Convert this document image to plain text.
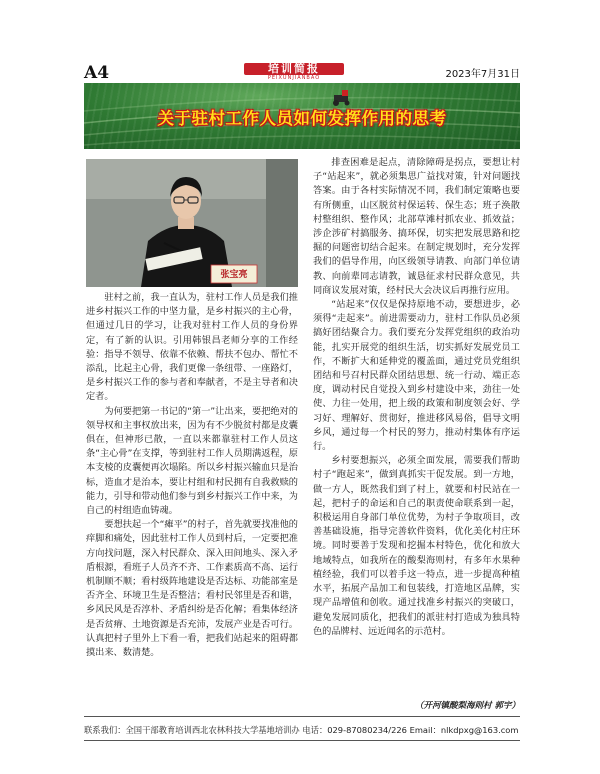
A4	培训简报
PEIXUNJIANBAO	2023年7月31日
关于驻村工作人员如何发挥作用的思考
张宝亮

驻村之前，我一直认为，驻村工作人员是我们推进乡村振兴工作的中坚力量，是乡村振兴的主心骨，但通过几日的学习，让我对驻村工作人员的身份界定，有了新的认识。引用韩银昌老师分享的工作经验：指导不领导、依靠不依赖、帮扶不包办、帮忙不添乱，比起主心骨，我们更像一条纽带、一座路灯，是乡村振兴工作的参与者和奉献者，不是主导者和决定者。

为何要把第一书记的“第一”让出来，要把绝对的领导权和主事权放出来，因为有不少脱贫村都是皮囊俱在，但神形已散，一直以来都靠驻村工作人员这条“主心骨”在支撑，等到驻村工作人员期满返程，原本支棱的皮囊便再次塌陷。所以乡村振兴输血只是治标，造血才是治本，要让村组和村民拥有自我救赎的能力，引导和带动他们参与到乡村振兴工作中来，为自己的村组造血铸魂。

要想扶起一个“瘫平”的村子，首先就要找准他的痒脚和痛处，因此驻村工作人员到村后，一定要把准方向找问题，深入村民群众、深入田间地头、深入矛盾根源，看班子人员齐不齐、工作素质高不高、运行机制顺不顺；看村级阵地建设是否达标、功能部室是否齐全、环境卫生是否整洁；看村民邻里是否和谐，乡风民风是否淳朴、矛盾纠纷是否化解；看集体经济是否贫瘠、土地资源是否充沛，发展产业是否可行。认真把村子里外上下看一看，把我们站起来的阻碍都摸出来、数清楚。

排查困难是起点，清除障碍是拐点，要想让村子“站起来”，就必须集思广益找对策，针对问题找答案。由于各村实际情况不同，我们制定策略也要有所侧重，山区脱贫村保运转、保生态；班子涣散村整组织、整作风；北部草滩村抓农业、抓效益；涉企涉矿村搞服务、搞环保，切实把发展思路和挖掘的问题密切结合起来。在制定规划时，充分发挥我们的倡导作用，向区级领导请教、向部门单位请教、向前辈同志请教，诚恳征求村民群众意见，共同商议发展对策，经村民大会决议后再推行应用。

“站起来”仅仅是保持原地不动，要想进步，必须得“走起来”。前进需要动力，驻村工作队员必须搞好团结聚合力。我们要充分发挥党组织的政治功能，扎实开展党的组织生活，切实抓好发展党员工作，不断扩大和延伸党的覆盖面，通过党员党组织团结和号召村民群众团结思想、统一行动、端正态度，调动村民自觉投入到乡村建设中来，劲往一处使、力往一处用，把上级的政策和制度领会好、学习好、理解好、贯彻好，推进移风易俗，倡导文明乡风，通过每一个村民的努力，推动村集体有序运行。

乡村要想振兴，必须全面发展，需要我们帮助村子“跑起来”，做到真抓实干促发展。到一方地，做一方人，既然我们到了村上，就要和村民站在一起，把村子的命运和自己的职责使命联系到一起，积极运用自身部门单位优势，为村子争取项目，改善基础设施，指导完善软件资料，优化美化村庄环境。同时要善于发现和挖掘本村特色，优化和放大地域特点，如我所在的酸梨海则村，有多年水果种植经验，我们可以着手这一特点，进一步提高种植水平，拓展产品加工和包装线，打造地区品牌，实现产品增值和创收。通过找准乡村振兴的突破口，避免发展同质化，把我们的派驻村打造成为独具特色的品牌村、远近闻名的示范村。

（开河镇酸梨海则村 郭宇）
联系我们：全国干部教育培训西北农林科技大学基地培训办 电话：029-87080234/226 Email：nlkdpxg@163.com
